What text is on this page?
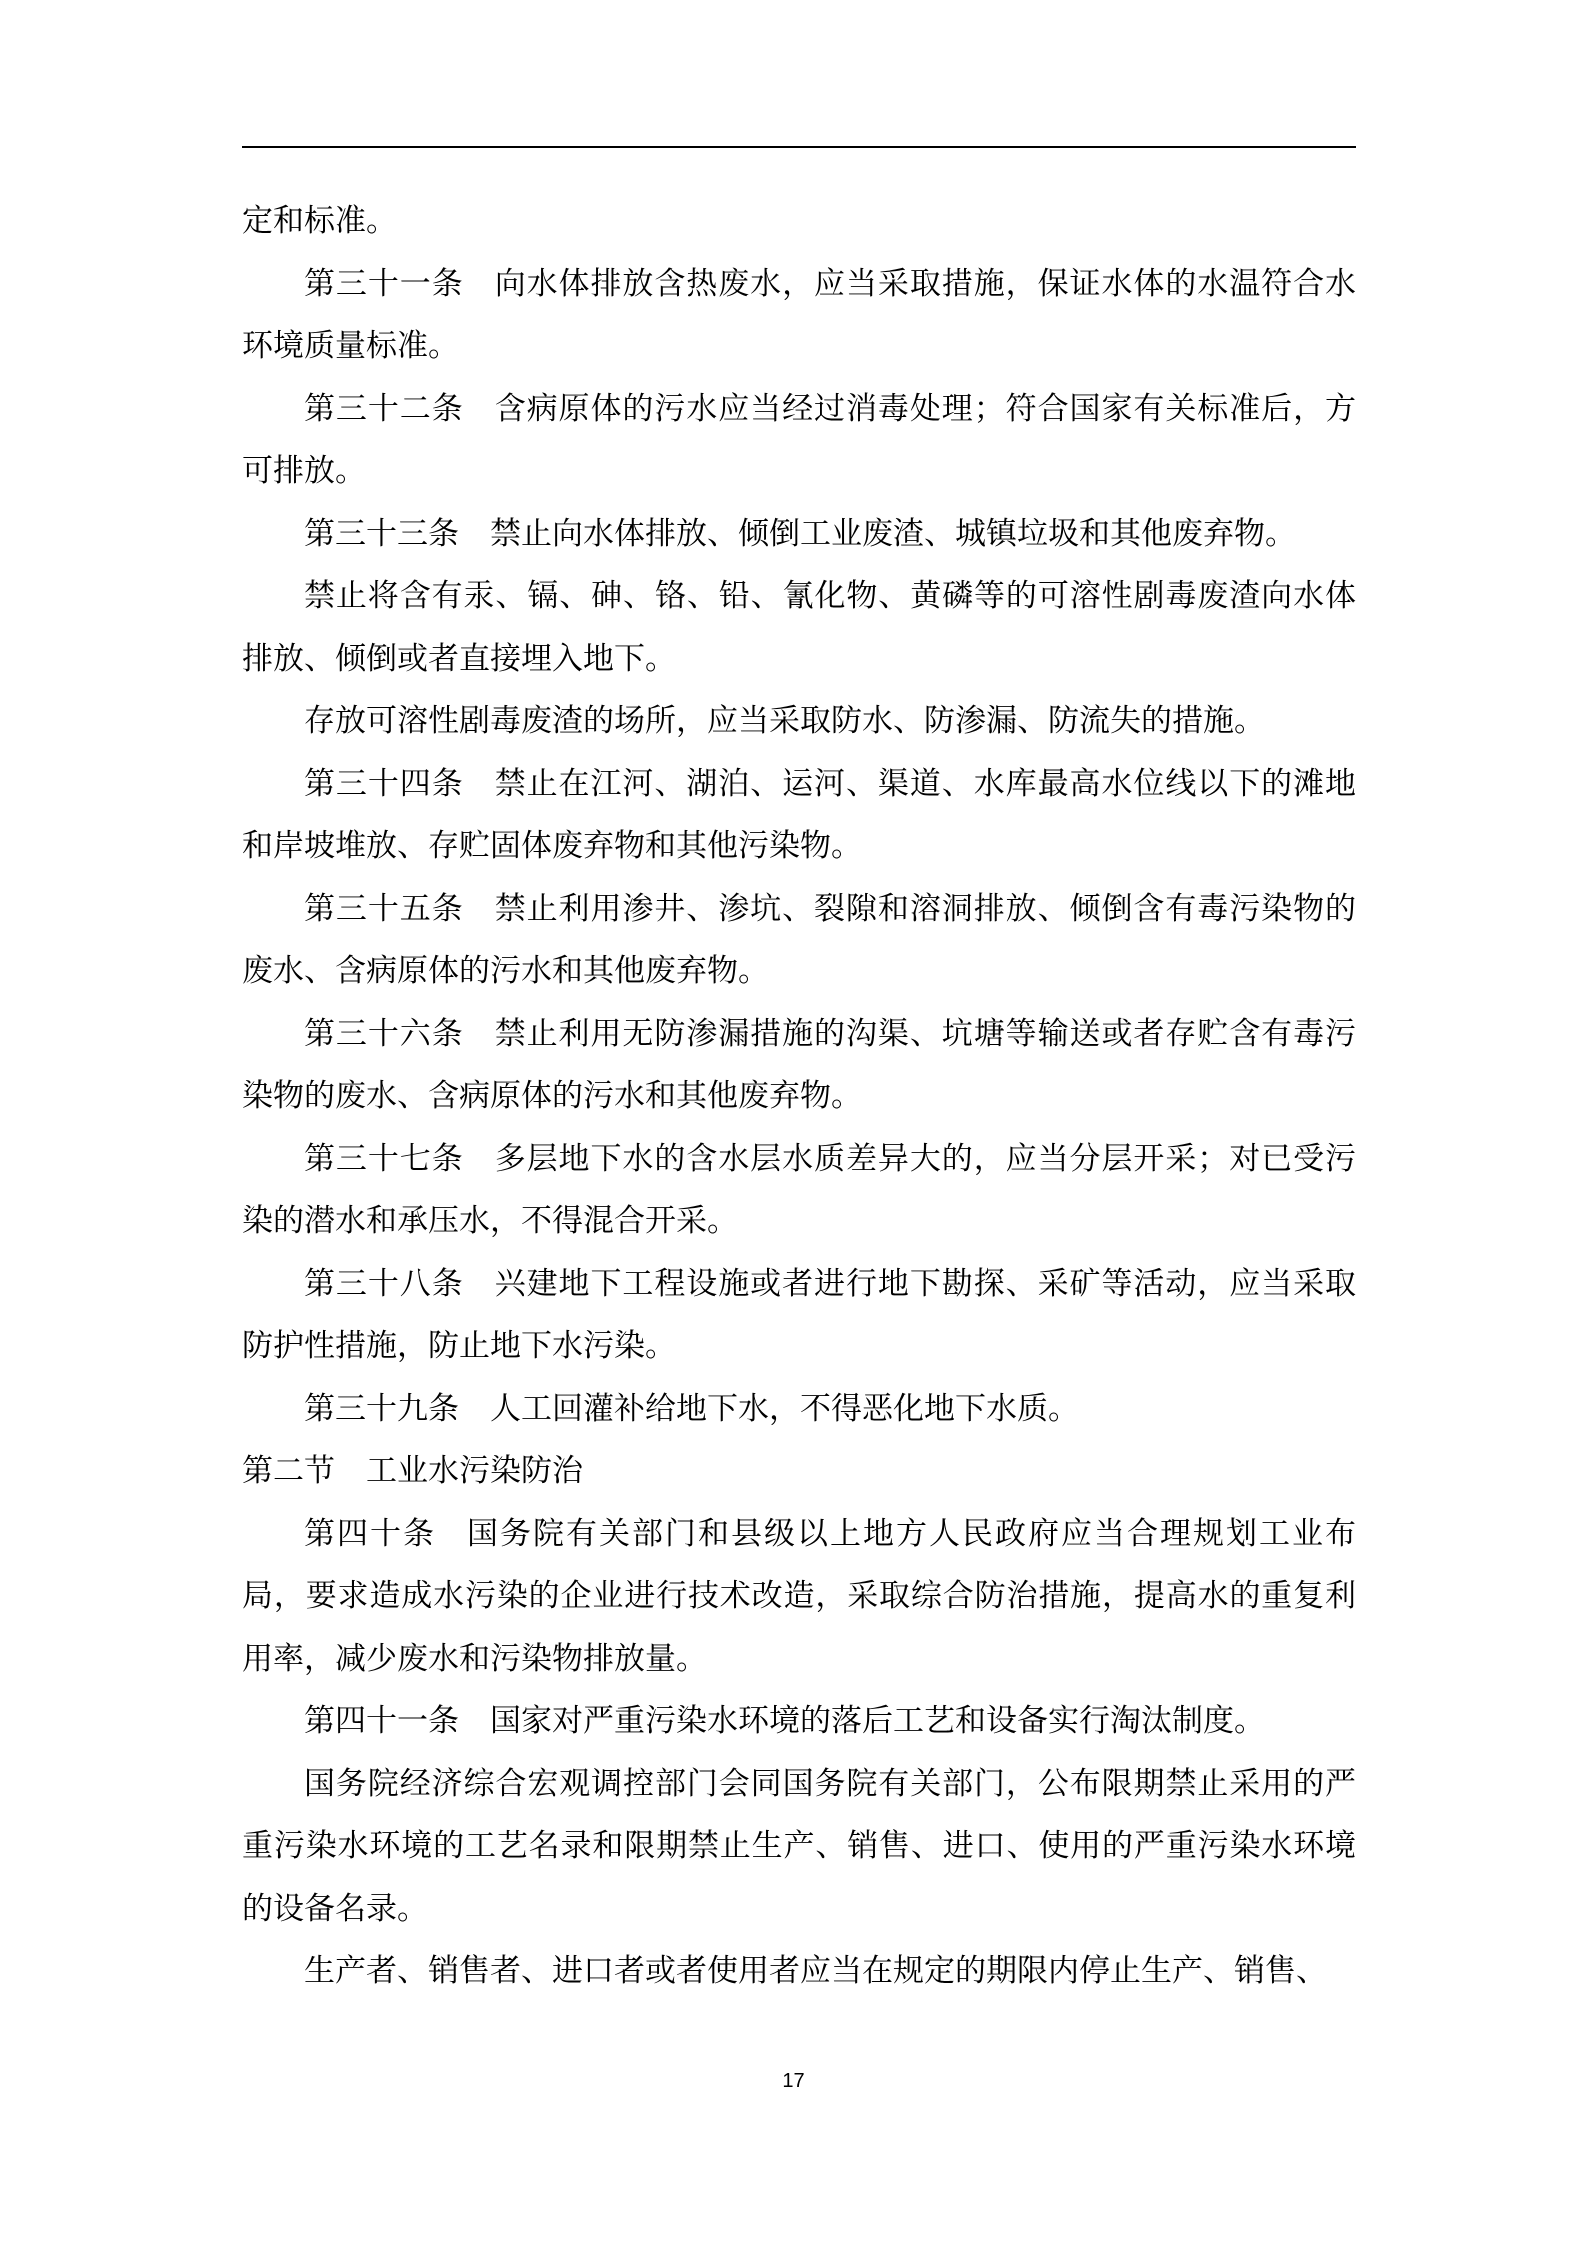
定和标准。

第三十一条 向水体排放含热废水，应当采取措施，保证水体的水温符合水环境质量标准。

第三十二条 含病原体的污水应当经过消毒处理；符合国家有关标准后，方可排放。

第三十三条 禁止向水体排放、倾倒工业废渣、城镇垃圾和其他废弃物。

禁止将含有汞、镉、砷、铬、铅、氰化物、黄磷等的可溶性剧毒废渣向水体排放、倾倒或者直接埋入地下。

存放可溶性剧毒废渣的场所，应当采取防水、防渗漏、防流失的措施。

第三十四条 禁止在江河、湖泊、运河、渠道、水库最高水位线以下的滩地和岸坡堆放、存贮固体废弃物和其他污染物。

第三十五条 禁止利用渗井、渗坑、裂隙和溶洞排放、倾倒含有毒污染物的废水、含病原体的污水和其他废弃物。

第三十六条 禁止利用无防渗漏措施的沟渠、坑塘等输送或者存贮含有毒污染物的废水、含病原体的污水和其他废弃物。

第三十七条 多层地下水的含水层水质差异大的，应当分层开采；对已受污染的潜水和承压水，不得混合开采。

第三十八条 兴建地下工程设施或者进行地下勘探、采矿等活动，应当采取防护性措施，防止地下水污染。

第三十九条 人工回灌补给地下水，不得恶化地下水质。

第二节 工业水污染防治

第四十条 国务院有关部门和县级以上地方人民政府应当合理规划工业布局，要求造成水污染的企业进行技术改造，采取综合防治措施，提高水的重复利用率，减少废水和污染物排放量。

第四十一条 国家对严重污染水环境的落后工艺和设备实行淘汰制度。

国务院经济综合宏观调控部门会同国务院有关部门，公布限期禁止采用的严重污染水环境的工艺名录和限期禁止生产、销售、进口、使用的严重污染水环境的设备名录。

生产者、销售者、进口者或者使用者应当在规定的期限内停止生产、销售、

17
